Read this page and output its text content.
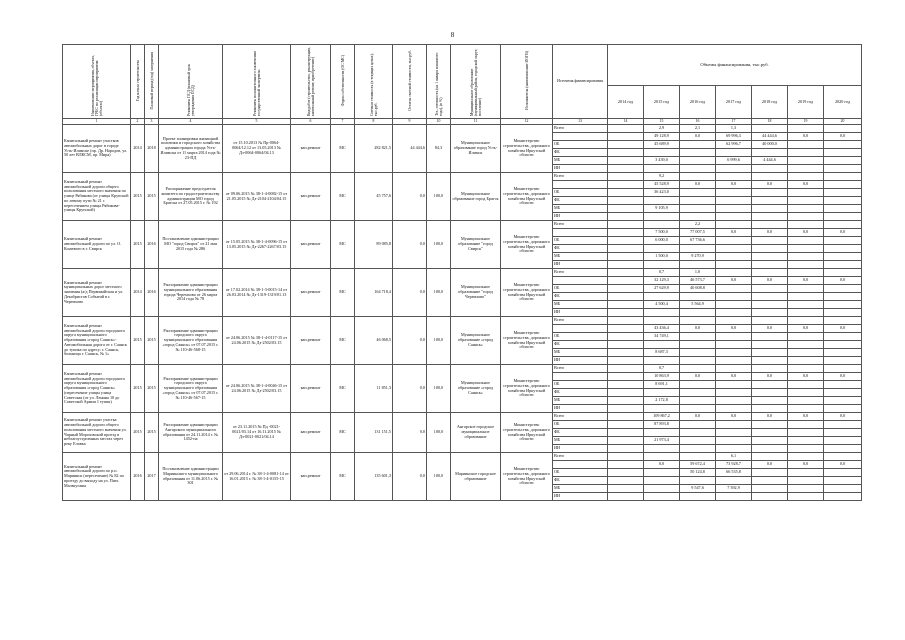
8
Наименование мероприятия, объекта, ГРБС по реализации мероприятия (объекта)	Год начала строительства	Плановый период (год) завершения	Реквизиты ПСД (плановый срок утверждения ПСД)	Реквизиты положительного заключения государственной экспертизы	Вид работ (строительство, реконструкция, капитальный ремонт, приобретение)	Форма собственности (ОС/МС)	Сметная стоимость (в текущих ценах), тыс.руб.	Остаток сметной стоимости, тыс.руб.	Тех. готовность (на 1 января планового года), (в %)	Муниципальное образование (муниципальный район, городской округ, поселение)	Исполнитель (наименование ИОГВ)	Источник финансирования	Объемы финансирования, тыс.руб.						
													2014 год	2015 год	2016 год	2017 год	2018 год	2019 год	2020 год
1	2	3	4	5	6	7	8	9	10	11	12	13	14	15	16	17	18	19	20
Капитальный ремонт участков автомобильных дорог в городе Усть-Илимске (пр. Др. Народов, ул. 50 лет ВЛКСМ, пр. Мира)	2014	2018	Проект планировки жилищной политики и городского хозяйства администрации города Усть-Илимска от 11 марта 2014 года № 23-ПД	от 15.10.2013 № Пр-0064-0064/12.12 от 13.05.2013 № Дз-0064-0064/04.13	кап.ремонт	МС	282 821,5	44 444,6	84,3	Муниципальное образование город Усть-Илимск	Министерство строительства, дорожного хозяйства Иркутской области	Всего		2,9	2,1	1,3			
														49 128,9	0,0	69 996,3	44 444,6	0,0	0,0
												ОБ		45 689,9		62 996,7	40 000,0		
												ФБ							
												МБ		3 439,0		6 999,6	4 444,6		
												ИИ							
Капитальный ремонт автомобильной дороги общего пользования местного значения по улице Рябикова (от улицы Крупской по левому пути № 21 с пересечением улицы Рябикова-улицы Крупской)	2015	2015	Распоряжение председателя комитета по градостроительству администрации МО город Братска от 27.05.2015 г. № 192	от 09.06.2015 № 38-1-4-0082-15 от 21.05.2015 № Дз-2104-2104/04.15	кап.ремонт	МС	45 757,6	0,0	100,0	Муниципальное образование город Братск	Министерство строительства, дорожного хозяйства Иркутской области	Всего		9,2					
														45 528,9	0,0	0,0	0,0	0,0	
												ОБ		36 423,0					
												ФБ							
												МБ		9 105,9					
												ИИ							
Капитальный ремонт автомобильной дороги по ул. О. Кошевого в г. Свирск	2015	2016	Постановление администрации МО "город Свирск" от 21 мая 2015 года № 286	от 15.05.2015 № 38-1-4-0096-15 от 13.05.2015 № Дз-2267-2267/03.15	кап.ремонт	МС	89 085,8	0,0	100,0	Муниципальное образование "город Свирск"	Министерство строительства, дорожного хозяйства Иркутской области	Всего			2,2				
														7 500,0	77 007,5	0,0	0,0	0,0	0,0
												ОБ		6 000,0	67 736,6				
												ФБ							
												МБ		1 500,0	9 270,9				
												ИИ							
Капитальный ремонт муниципальных дорог местного значения (а/д Первомайская и ул. Декабристов Событий в г. Черемхово	2014	2016	Распоряжение администрации муниципального образования города Черемхово от 26 марта 2014 года № 78	от 17.02.2014 № 38-1-3-0015-14 от 26.03.2014 № Дз-1319-1319/01.13	кап.ремонт	МС	164 718,4	0,0	100,0	Муниципальное образование "город Черемхово"	Министерство строительства, дорожного хозяйства Иркутской области	Всего		0,7	1,0				
														32 129,3	46 573,7	0,0	0,0	0,0	0,0
												ОБ		27 629,9	40 608,8				
												ФБ							
												МБ		4 500,4	5 564,9				
												ИИ							
Капитальный ремонт автомобильной дороги городского округа муниципального образования «город Саянск»-Автомобильная дорога от г. Саянск до тупика по адресу: г. Саянск, больница г. Саянск, № 1»	2015	2015	Распоряжение администрации городского округа муниципального образования «город Саянск» от 07.07.2015 г. № 110-46-568-15	от 24.06.2015 № 38-1-4-0117-15 от 24.06.2015 № Дз-2502/03.15	кап.ремонт	МС	46 068,5	0,0	100,0	Муниципальное образование «город Саянск»	Министерство строительства, дорожного хозяйства Иркутской области	Всего							
														43 436,4	0,0	0,0	0,0	0,0	0,0
												ОБ		34 749,1					
												ФБ							
												МБ		8 687,3					
												ИИ							
Капитальный ремонт автомобильной дороги городского округа муниципального образования «город Саянск» (пересечение улицы улица Советская (от ул. Ленина 10 до Советской Армии 1 тупик)	2015	2015	Распоряжение администрации городского округа муниципального образования «город Саянск» от 07.07.2015 г. № 110-46-567-15	от 24.06.2015 № 38-1-4-0046-15 от 24.06.2015 № Дз-2502/03.15	кап.ремонт	МС	11 851,3	0,0	100,0	Муниципальное образование «город Саянск»	Министерство строительства, дорожного хозяйства Иркутской области	Всего		0,7					
														10 863,9	0,0	0,0	0,0	0,0	0,0
												ОБ		8 691,1					
												ФБ							
												МБ		2 172,8					
												ИИ							
Капитальный ремонт участка автомобильной дороги общего пользования местного значения ул. Чарный Морозовский проезд в неблагоустроенных местах через реку Еловка	2015	2015	Распоряжение администрации Ангарского муниципального образования от 24.11.2014 г. № 1452-па	от 23.11.2015 № Пд -0021-0021/03.14 от 16.11.2015 № Дз-0021-0021/04.14	кап.ремонт	МС	131 151,5	0,0	100,0	Ангарское городское муниципальное образование	Министерство строительства, дорожного хозяйства Иркутской области	Всего		109 867,2	0,0	0,0	0,0	0,0	0,0
												ОБ		87 893,8					
												ФБ							
												МБ		21 973,4					
												ИИ							
Капитальный ремонт автомобильной дороги по р.п. Мариинск (пересечение) № 82 по проезду до выходу на ул. Пять Мальчуганы	2016	2017	Постановление администрации Мариинского муниципального образования от 11.06.2015 г. № 301	от 29.06.2014 г. № 38-1-4-0081-14 от 16.01.2015 г. № 38-1-4-0155-15	кап.ремонт	МС	135 601,3	0,0	100,0	Мариинское городское образование	Министерство строительства, дорожного хозяйства Иркутской области	Всего				6,1			
														0,0	59 672,4	73 928,7	0,0	0,0	0,0
												ОБ			50 124,8	66 535,8			
												ФБ							
												МБ			9 547,6	7 392,9			
												ИИ							
